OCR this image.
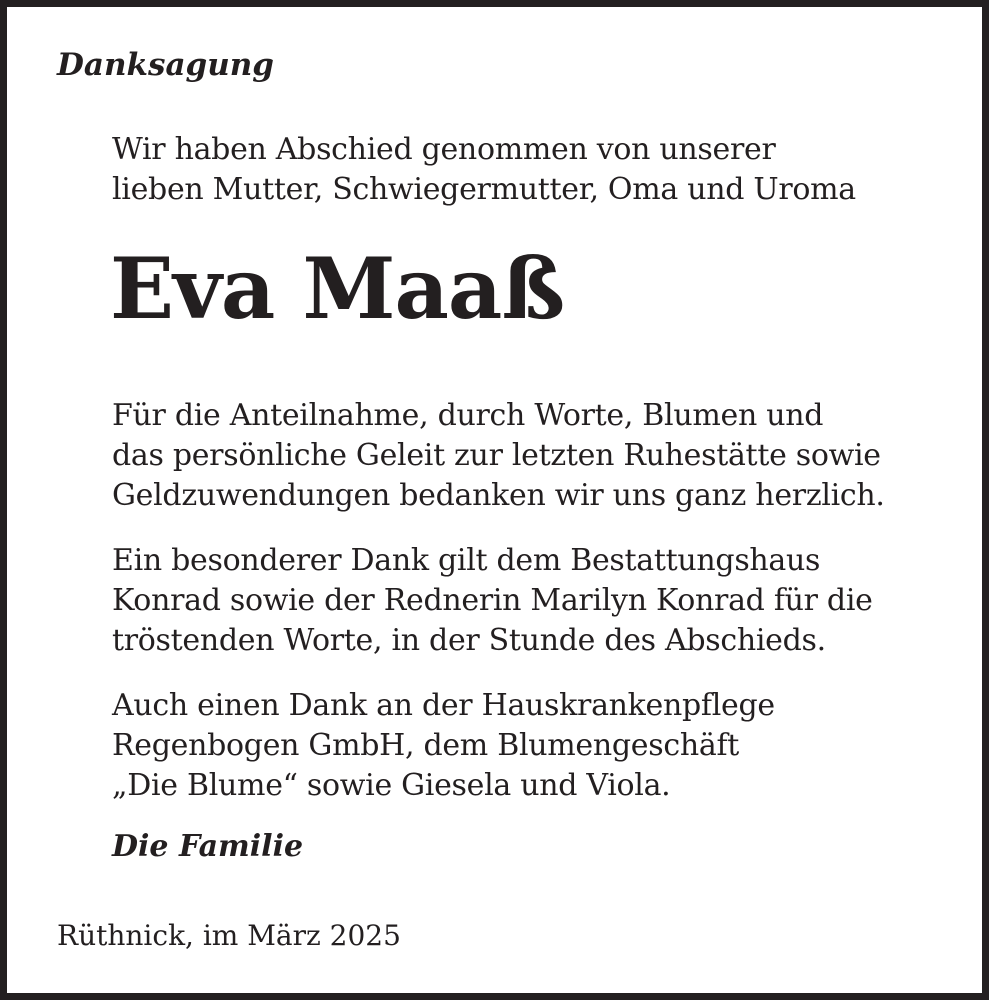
Danksagung
Wir haben Abschied genommen von unserer
lieben Mutter, Schwiegermutter, Oma und Uroma
Eva Maaß
Für die Anteilnahme, durch Worte, Blumen und
das persönliche Geleit zur letzten Ruhestätte sowie
Geldzuwendungen bedanken wir uns ganz herzlich.
Ein besonderer Dank gilt dem Bestattungshaus
Konrad sowie der Rednerin Marilyn Konrad für die
tröstenden Worte, in der Stunde des Abschieds.
Auch einen Dank an der Hauskrankenpflege
Regenbogen GmbH, dem Blumengeschäft
„Die Blume“ sowie Giesela und Viola.
Die Familie
Rüthnick, im März 2025
